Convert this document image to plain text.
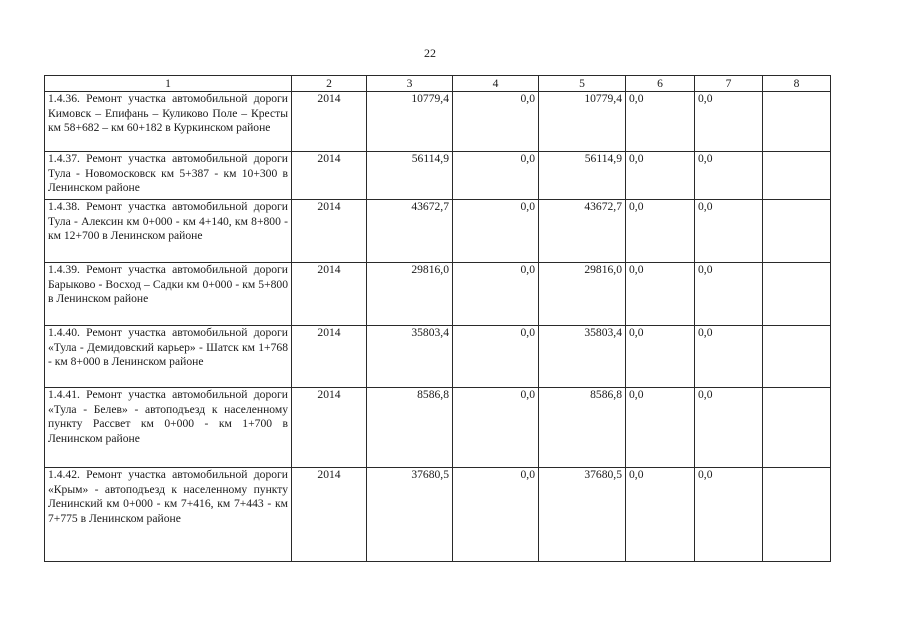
22
1	2	3	4	5	6	7	8
1.4.36. Ремонт участка автомобильной дороги Кимовск – Епифань – Куликово Поле – Кресты км 58+682 – км 60+182 в Куркинском районе	2014	10779,4	0,0	10779,4	0,0	0,0	
1.4.37. Ремонт участка автомобильной дороги Тула - Новомосковск км 5+387 - км 10+300 в Ленинском районе	2014	56114,9	0,0	56114,9	0,0	0,0	
1.4.38. Ремонт участка автомобильной дороги Тула - Алексин км 0+000 - км 4+140, км 8+800 - км 12+700 в Ленинском районе	2014	43672,7	0,0	43672,7	0,0	0,0	
1.4.39. Ремонт участка автомобильной дороги Барыково - Восход – Садки км 0+000 - км 5+800 в Ленинском районе	2014	29816,0	0,0	29816,0	0,0	0,0	
1.4.40. Ремонт участка автомобильной дороги «Тула - Демидовский карьер» - Шатск км 1+768 - км 8+000 в Ленинском районе	2014	35803,4	0,0	35803,4	0,0	0,0	
1.4.41. Ремонт участка автомобильной дороги «Тула - Белев» - автоподъезд к населенному пункту Рассвет км 0+000 - км 1+700 в Ленинском районе	2014	8586,8	0,0	8586,8	0,0	0,0	
1.4.42. Ремонт участка автомобильной дороги «Крым» - автоподъезд к населенному пункту Ленинский км 0+000 - км 7+416, км 7+443 - км 7+775 в Ленинском районе	2014	37680,5	0,0	37680,5	0,0	0,0	
